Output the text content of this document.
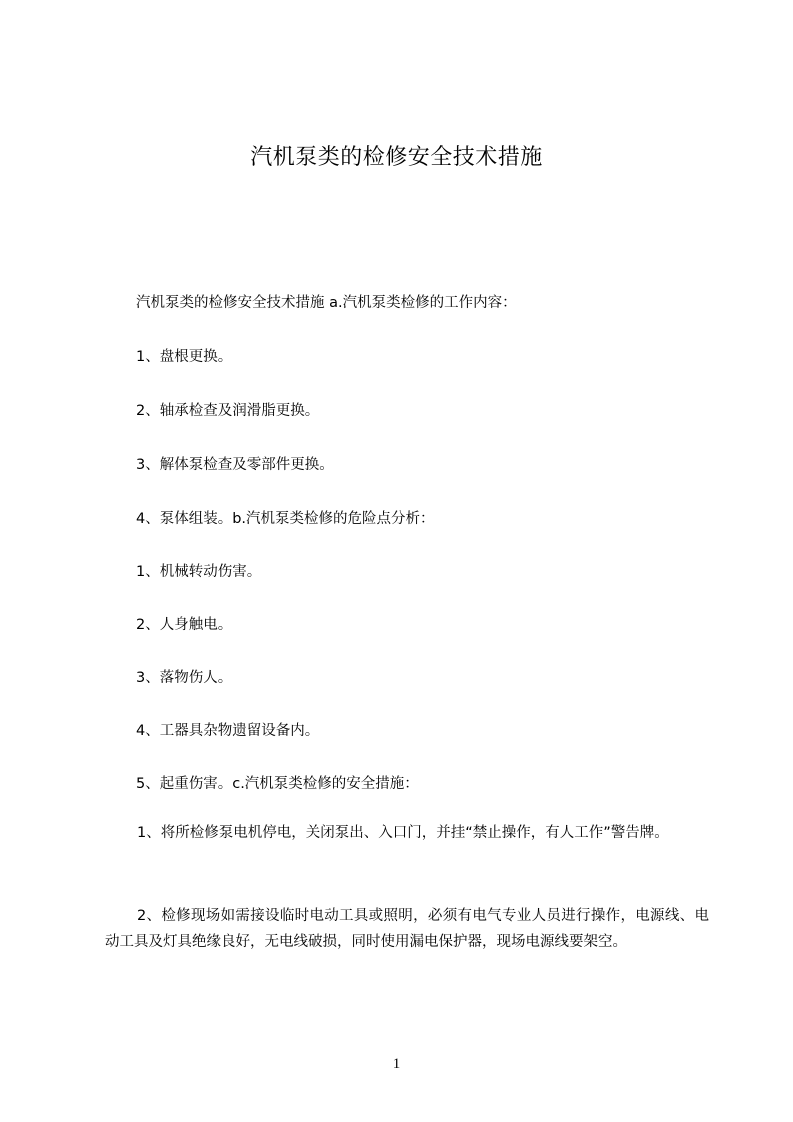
汽机泵类的检修安全技术措施
汽机泵类的检修安全技术措施 a.汽机泵类检修的工作内容：
1、盘根更换。
2、轴承检查及润滑脂更换。
3、解体泵检查及零部件更换。
4、泵体组装。b.汽机泵类检修的危险点分析：
1、机械转动伤害。
2、人身触电。
3、落物伤人。
4、工器具杂物遗留设备内。
5、起重伤害。c.汽机泵类检修的安全措施：
1、将所检修泵电机停电，关闭泵出、入口门，并挂“禁止操作，有人工作”警告牌。
2、检修现场如需接设临时电动工具或照明，必须有电气专业人员进行操作，电源线、电动工具及灯具绝缘良好，无电线破损，同时使用漏电保护器，现场电源线要架空。
1
